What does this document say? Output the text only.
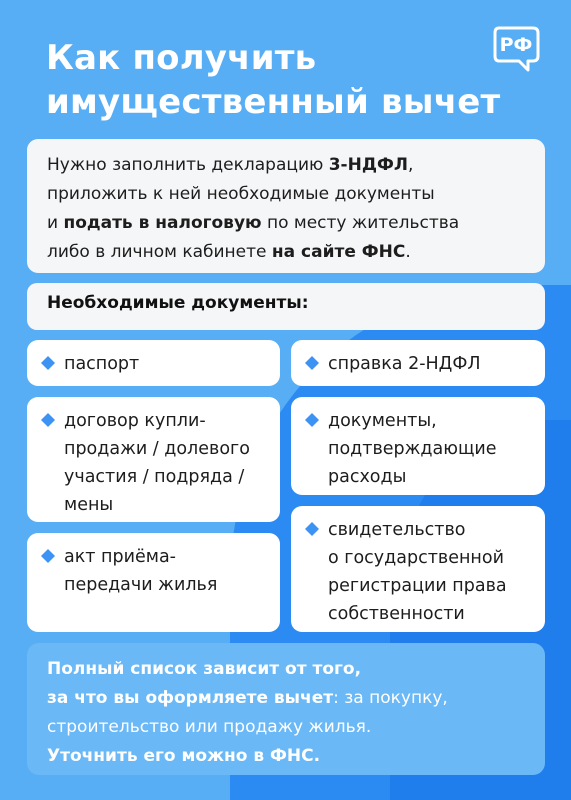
Как получить
имущественный вычет
РФ
Нужно заполнить декларацию 3-НДФЛ,
приложить к ней необходимые документы
и подать в налоговую по месту жительства
либо в личном кабинете на сайте ФНС.
Необходимые документы:
паспорт
договор купли-
продажи / долевого
участия / подряда /
мены
акт приёма-
передачи жилья
справка 2-НДФЛ
документы,
подтверждающие
расходы
свидетельство
о государственной
регистрации права
собственности
Полный список зависит от того,
за что вы оформляете вычет: за покупку,
строительство или продажу жилья.
Уточнить его можно в ФНС.
